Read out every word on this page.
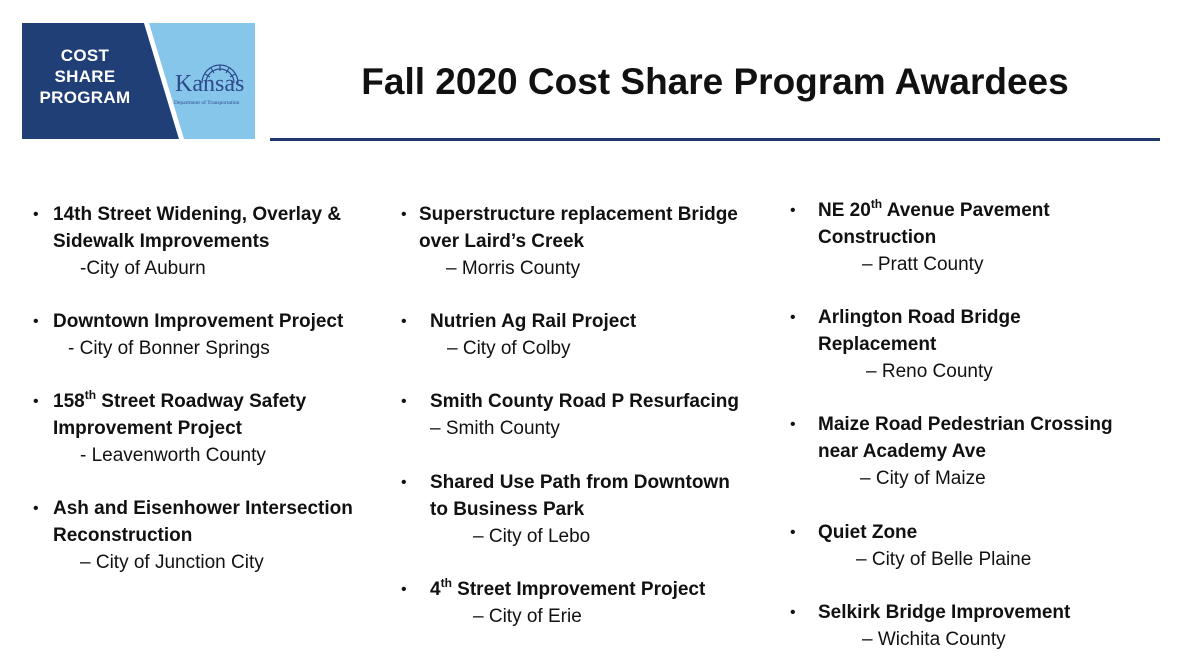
COST
SHARE
PROGRAM
Kansas
Department of Transportation
Fall 2020 Cost Share Program Awardees
• 14th Street Widening, Overlay &
Sidewalk Improvements
-City of Auburn
• Downtown Improvement Project
- City of Bonner Springs
• 158th Street Roadway Safety
Improvement Project
- Leavenworth County
• Ash and Eisenhower Intersection
Reconstruction
– City of Junction City
• Superstructure replacement Bridge
over Laird’s Creek
– Morris County
• Nutrien Ag Rail Project
– City of Colby
• Smith County Road P Resurfacing
– Smith County
• Shared Use Path from Downtown
to Business Park
– City of Lebo
• 4th Street Improvement Project
– City of Erie
• NE 20th Avenue Pavement
Construction
– Pratt County
• Arlington Road Bridge
Replacement
– Reno County
• Maize Road Pedestrian Crossing
near Academy Ave
– City of Maize
• Quiet Zone
– City of Belle Plaine
• Selkirk Bridge Improvement
– Wichita County
